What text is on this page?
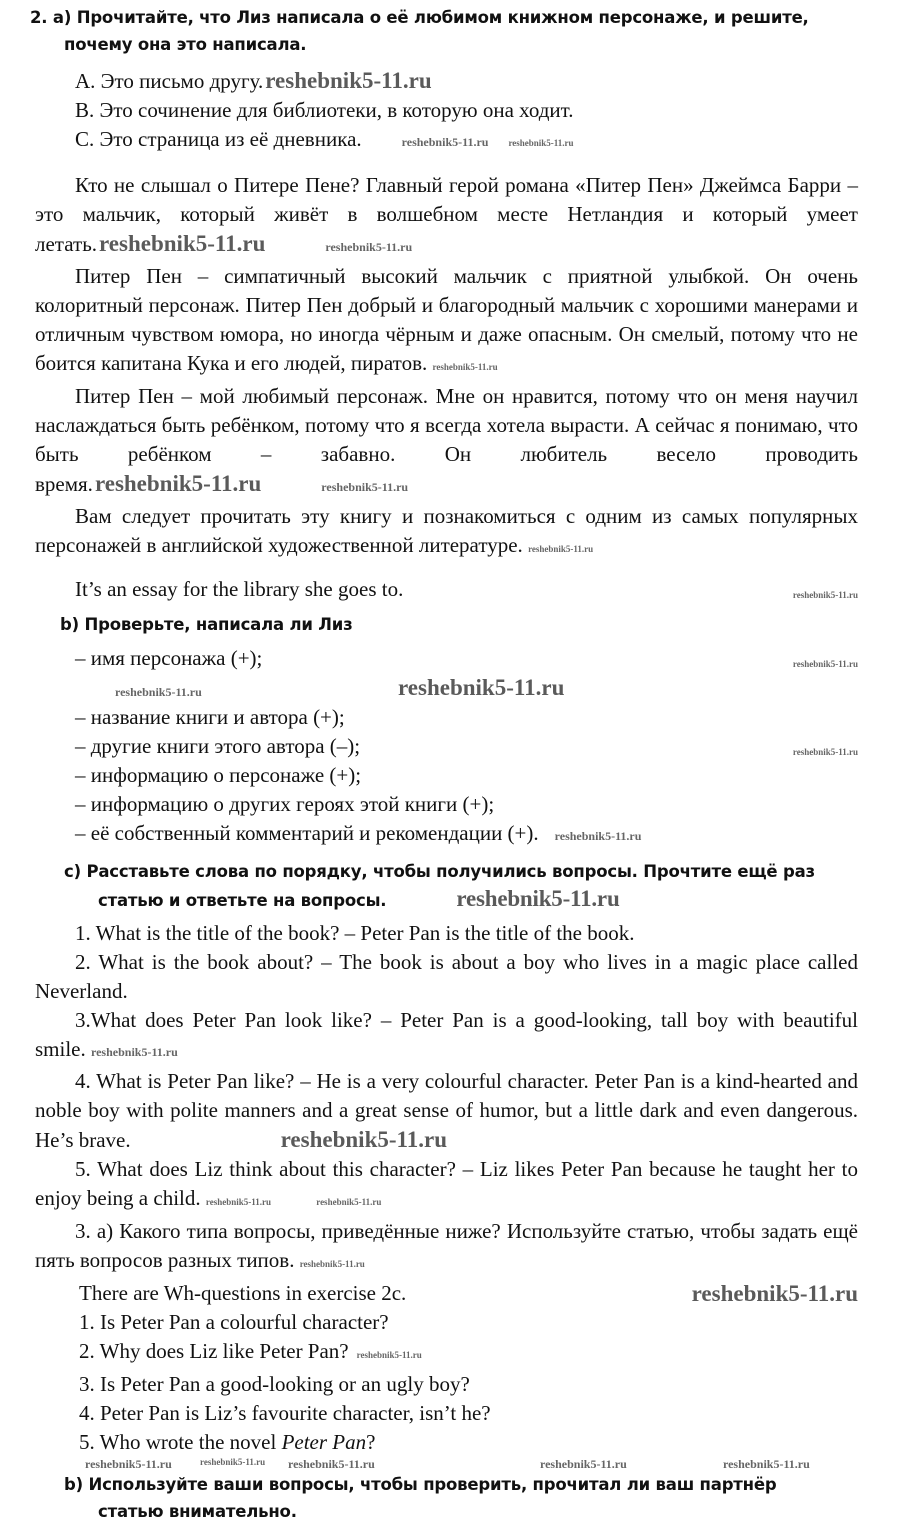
2. a) Прочитайте, что Лиз написала о её любимом книжном персонаже, и решите,
почему она это написала.
A. Это письмо другу.reshebnik5-11.ru
B. Это сочинение для библиотеки, в которую она ходит.
C. Это страница из её дневника.	reshebnik5-11.ru reshebnik5-11.ru
Кто не слышал о Питере Пене? Главный герой романа «Питер Пен» Джеймса Барри – это мальчик, который живёт в волшебном месте Нетландия и который умеет летать.reshebnik5-11.ru	reshebnik5-11.ru
Питер Пен – симпатичный высокий мальчик с приятной улыбкой. Он очень колоритный персонаж. Питер Пен добрый и благородный мальчик с хорошими манерами и отличным чувством юмора, но иногда чёрным и даже опасным. Он смелый, потому что не боится капитана Кука и его людей, пиратов. reshebnik5-11.ru
Питер Пен – мой любимый персонаж. Мне он нравится, потому что он меня научил наслаждаться быть ребёнком, потому что я всегда хотела вырасти. А сейчас я понимаю, что быть ребёнком – забавно. Он любитель весело проводить время.reshebnik5-11.ru	reshebnik5-11.ru
Вам следует прочитать эту книгу и познакомиться с одним из самых популярных персонажей в английской художественной литературе. reshebnik5-11.ru
It’s an essay for the library she goes to.	reshebnik5-11.ru
b) Проверьте, написала ли Лиз
– имя персонажа (+);	reshebnik5-11.ru
reshebnik5-11.ru	reshebnik5-11.ru
– название книги и автора (+);
– другие книги этого автора (–);	reshebnik5-11.ru
– информацию о персонаже (+);
– информацию о других героях этой книги (+);
– её собственный комментарий и рекомендации (+). reshebnik5-11.ru
c) Расставьте слова по порядку, чтобы получились вопросы. Прочтите ещё раз
статью и ответьте на вопросы.	reshebnik5-11.ru
1. What is the title of the book? – Peter Pan is the title of the book.
2. What is the book about? – The book is about a boy who lives in a magic place called Neverland.
3.What does Peter Pan look like? – Peter Pan is a good-looking, tall boy with beautiful smile. reshebnik5-11.ru
4. What is Peter Pan like? – He is a very colourful character. Peter Pan is a kind-hearted and noble boy with polite manners and a great sense of humor, but a little dark and even dangerous. He’s brave.	reshebnik5-11.ru
5. What does Liz think about this character? – Liz likes Peter Pan because he taught her to enjoy being a child. reshebnik5-11.ru	reshebnik5-11.ru
3. a) Какого типа вопросы, приведённые ниже? Используйте статью, чтобы задать ещё пять вопросов разных типов. reshebnik5-11.ru
There are Wh-questions in exercise 2c.	reshebnik5-11.ru
1. Is Peter Pan a colourful character?
2. Why does Liz like Peter Pan? reshebnik5-11.ru
3. Is Peter Pan a good-looking or an ugly boy?
4. Peter Pan is Liz’s favourite character, isn’t he?
5. Who wrote the novel Peter Pan?
reshebnik5-11.ru	reshebnik5-11.ru reshebnik5-11.ru	reshebnik5-11.ru	reshebnik5-11.ru
b) Используйте ваши вопросы, чтобы проверить, прочитал ли ваш партнёр
статью внимательно.
